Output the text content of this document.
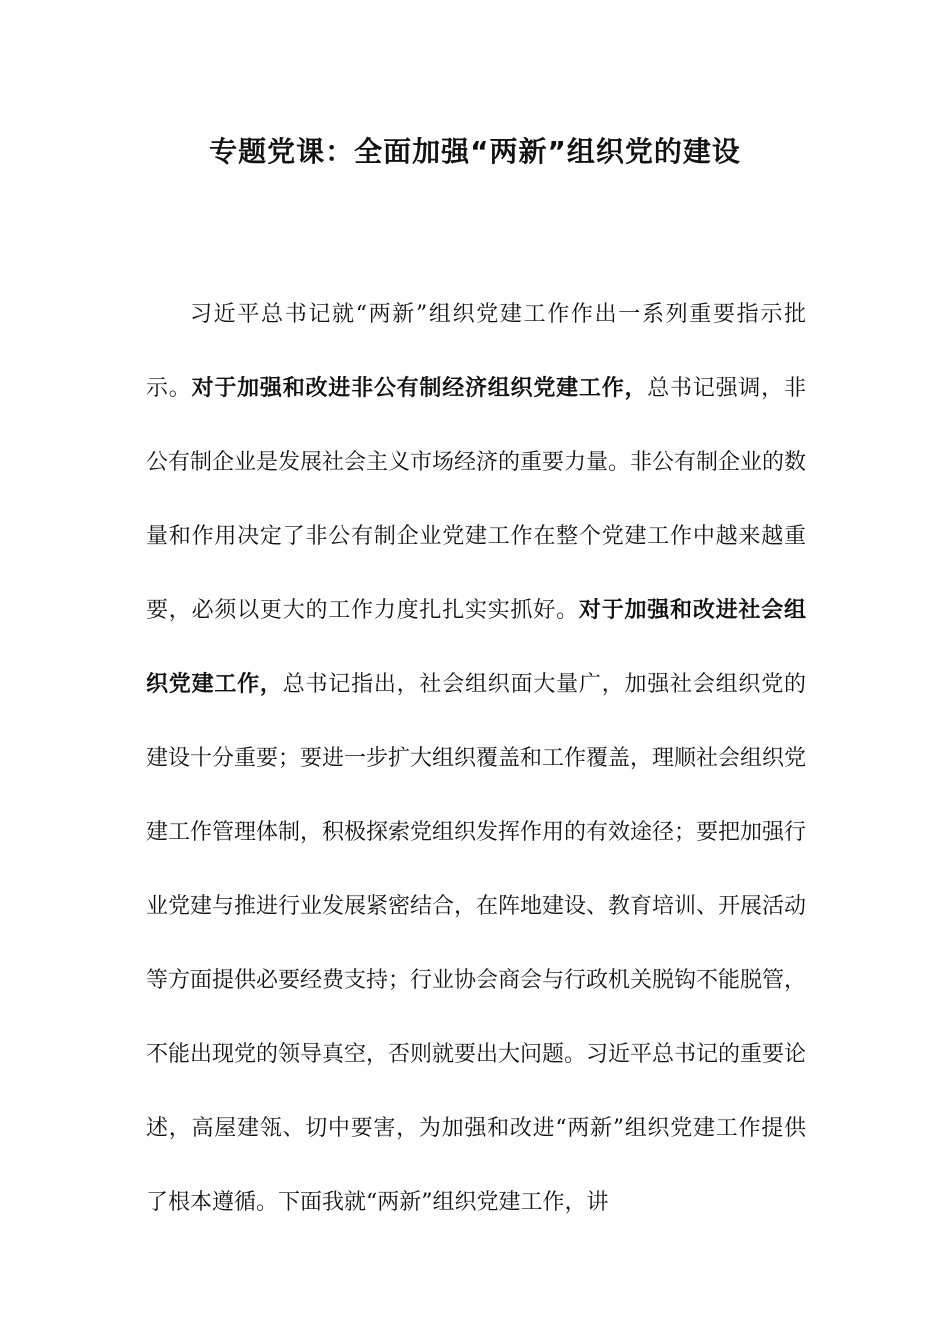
专题党课：全面加强“两新”组织党的建设

习近平总书记就“两新”组织党建工作作出一系列重要指示批示。对于加强和改进非公有制经济组织党建工作，总书记强调，非公有制企业是发展社会主义市场经济的重要力量。非公有制企业的数量和作用决定了非公有制企业党建工作在整个党建工作中越来越重要，必须以更大的工作力度扎扎实实抓好。对于加强和改进社会组织党建工作，总书记指出，社会组织面大量广，加强社会组织党的建设十分重要；要进一步扩大组织覆盖和工作覆盖，理顺社会组织党建工作管理体制，积极探索党组织发挥作用的有效途径；要把加强行业党建与推进行业发展紧密结合，在阵地建设、教育培训、开展活动等方面提供必要经费支持；行业协会商会与行政机关脱钩不能脱管，不能出现党的领导真空，否则就要出大问题。习近平总书记的重要论述，高屋建瓴、切中要害，为加强和改进“两新”组织党建工作提供了根本遵循。下面我就“两新”组织党建工作，讲
